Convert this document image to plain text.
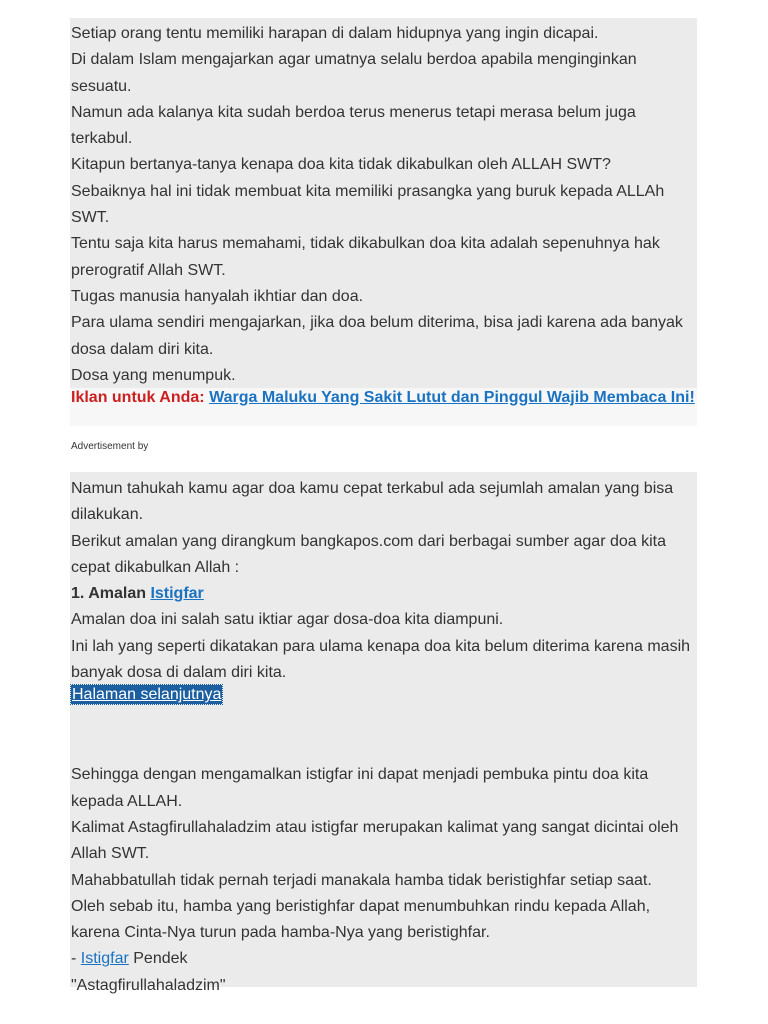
Setiap orang tentu memiliki harapan di dalam hidupnya yang ingin dicapai.

Di dalam Islam mengajarkan agar umatnya selalu berdoa apabila menginginkan sesuatu.

Namun ada kalanya kita sudah berdoa terus menerus tetapi merasa belum juga terkabul.

Kitapun bertanya-tanya kenapa doa kita tidak dikabulkan oleh ALLAH SWT?

Sebaiknya hal ini tidak membuat kita memiliki prasangka yang buruk kepada ALLAh SWT.

Tentu saja kita harus memahami, tidak dikabulkan doa kita adalah sepenuhnya hak prerogratif Allah SWT.

Tugas manusia hanyalah ikhtiar dan doa.

Para ulama sendiri mengajarkan, jika doa belum diterima, bisa jadi karena ada banyak dosa dalam diri kita.

Dosa yang menumpuk.

Iklan untuk Anda: Warga Maluku Yang Sakit Lutut dan Pinggul Wajib Membaca Ini!
Advertisement by

Namun tahukah kamu agar doa kamu cepat terkabul ada sejumlah amalan yang bisa dilakukan.

Berikut amalan yang dirangkum bangkapos.com dari berbagai sumber agar doa kita cepat dikabulkan Allah :

1. Amalan Istigfar

Amalan doa ini salah satu iktiar agar dosa-doa kita diampuni.

Ini lah yang seperti dikatakan para ulama kenapa doa kita belum diterima karena masih banyak dosa di dalam diri kita.

Halaman selanjutnya

Sehingga dengan mengamalkan istigfar ini dapat menjadi pembuka pintu doa kita kepada ALLAH.

Kalimat Astagfirullahaladzim atau istigfar merupakan kalimat yang sangat dicintai oleh Allah SWT.

Mahabbatullah tidak pernah terjadi manakala hamba tidak beristighfar setiap saat.

Oleh sebab itu, hamba yang beristighfar dapat menumbuhkan rindu kepada Allah, karena Cinta-Nya turun pada hamba-Nya yang beristighfar.

- Istigfar Pendek

"Astagfirullahaladzim"
